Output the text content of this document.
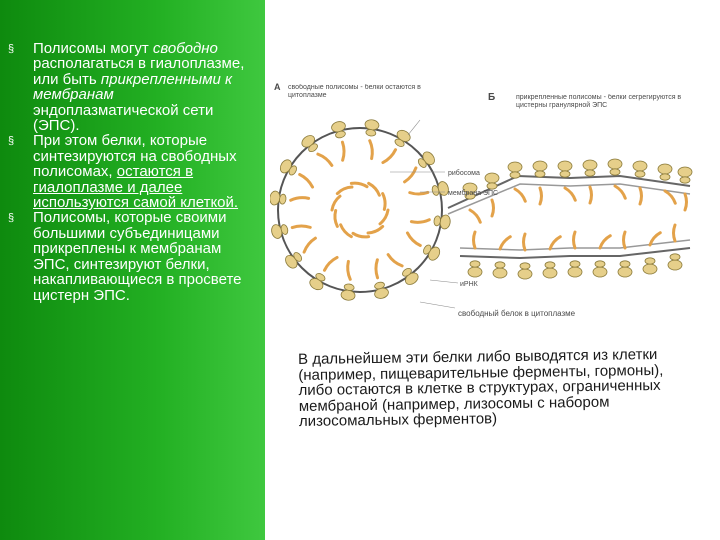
§ Полисомы могут свободно располагаться в гиалоплазме, или быть прикрепленными к мембранам эндоплазматической сети (ЭПС).
§ При этом белки, которые синтезируются на свободных полисомах, остаются в гиалоплазме и далее используются самой клеткой.
§ Полисомы, которые своими большими субъединицами прикреплены к мембранам ЭПС, синтезируют белки, накапливающиеся в просвете цистерн ЭПС.
А свободные полисомы - белки остаются в цитоплазме	Б	прикрепленные полисомы - белки сегрегируются в цистерны гранулярной ЭПС
рибосома
мембрана ЭПС
иРНК
свободный белок в цитоплазме
В дальнейшем эти белки либо выводятся из клетки (например, пищеварительные ферменты, гормоны), либо остаются в клетке в структурах, ограниченных мембраной (например, лизосомы с набором лизосомальных ферментов)
